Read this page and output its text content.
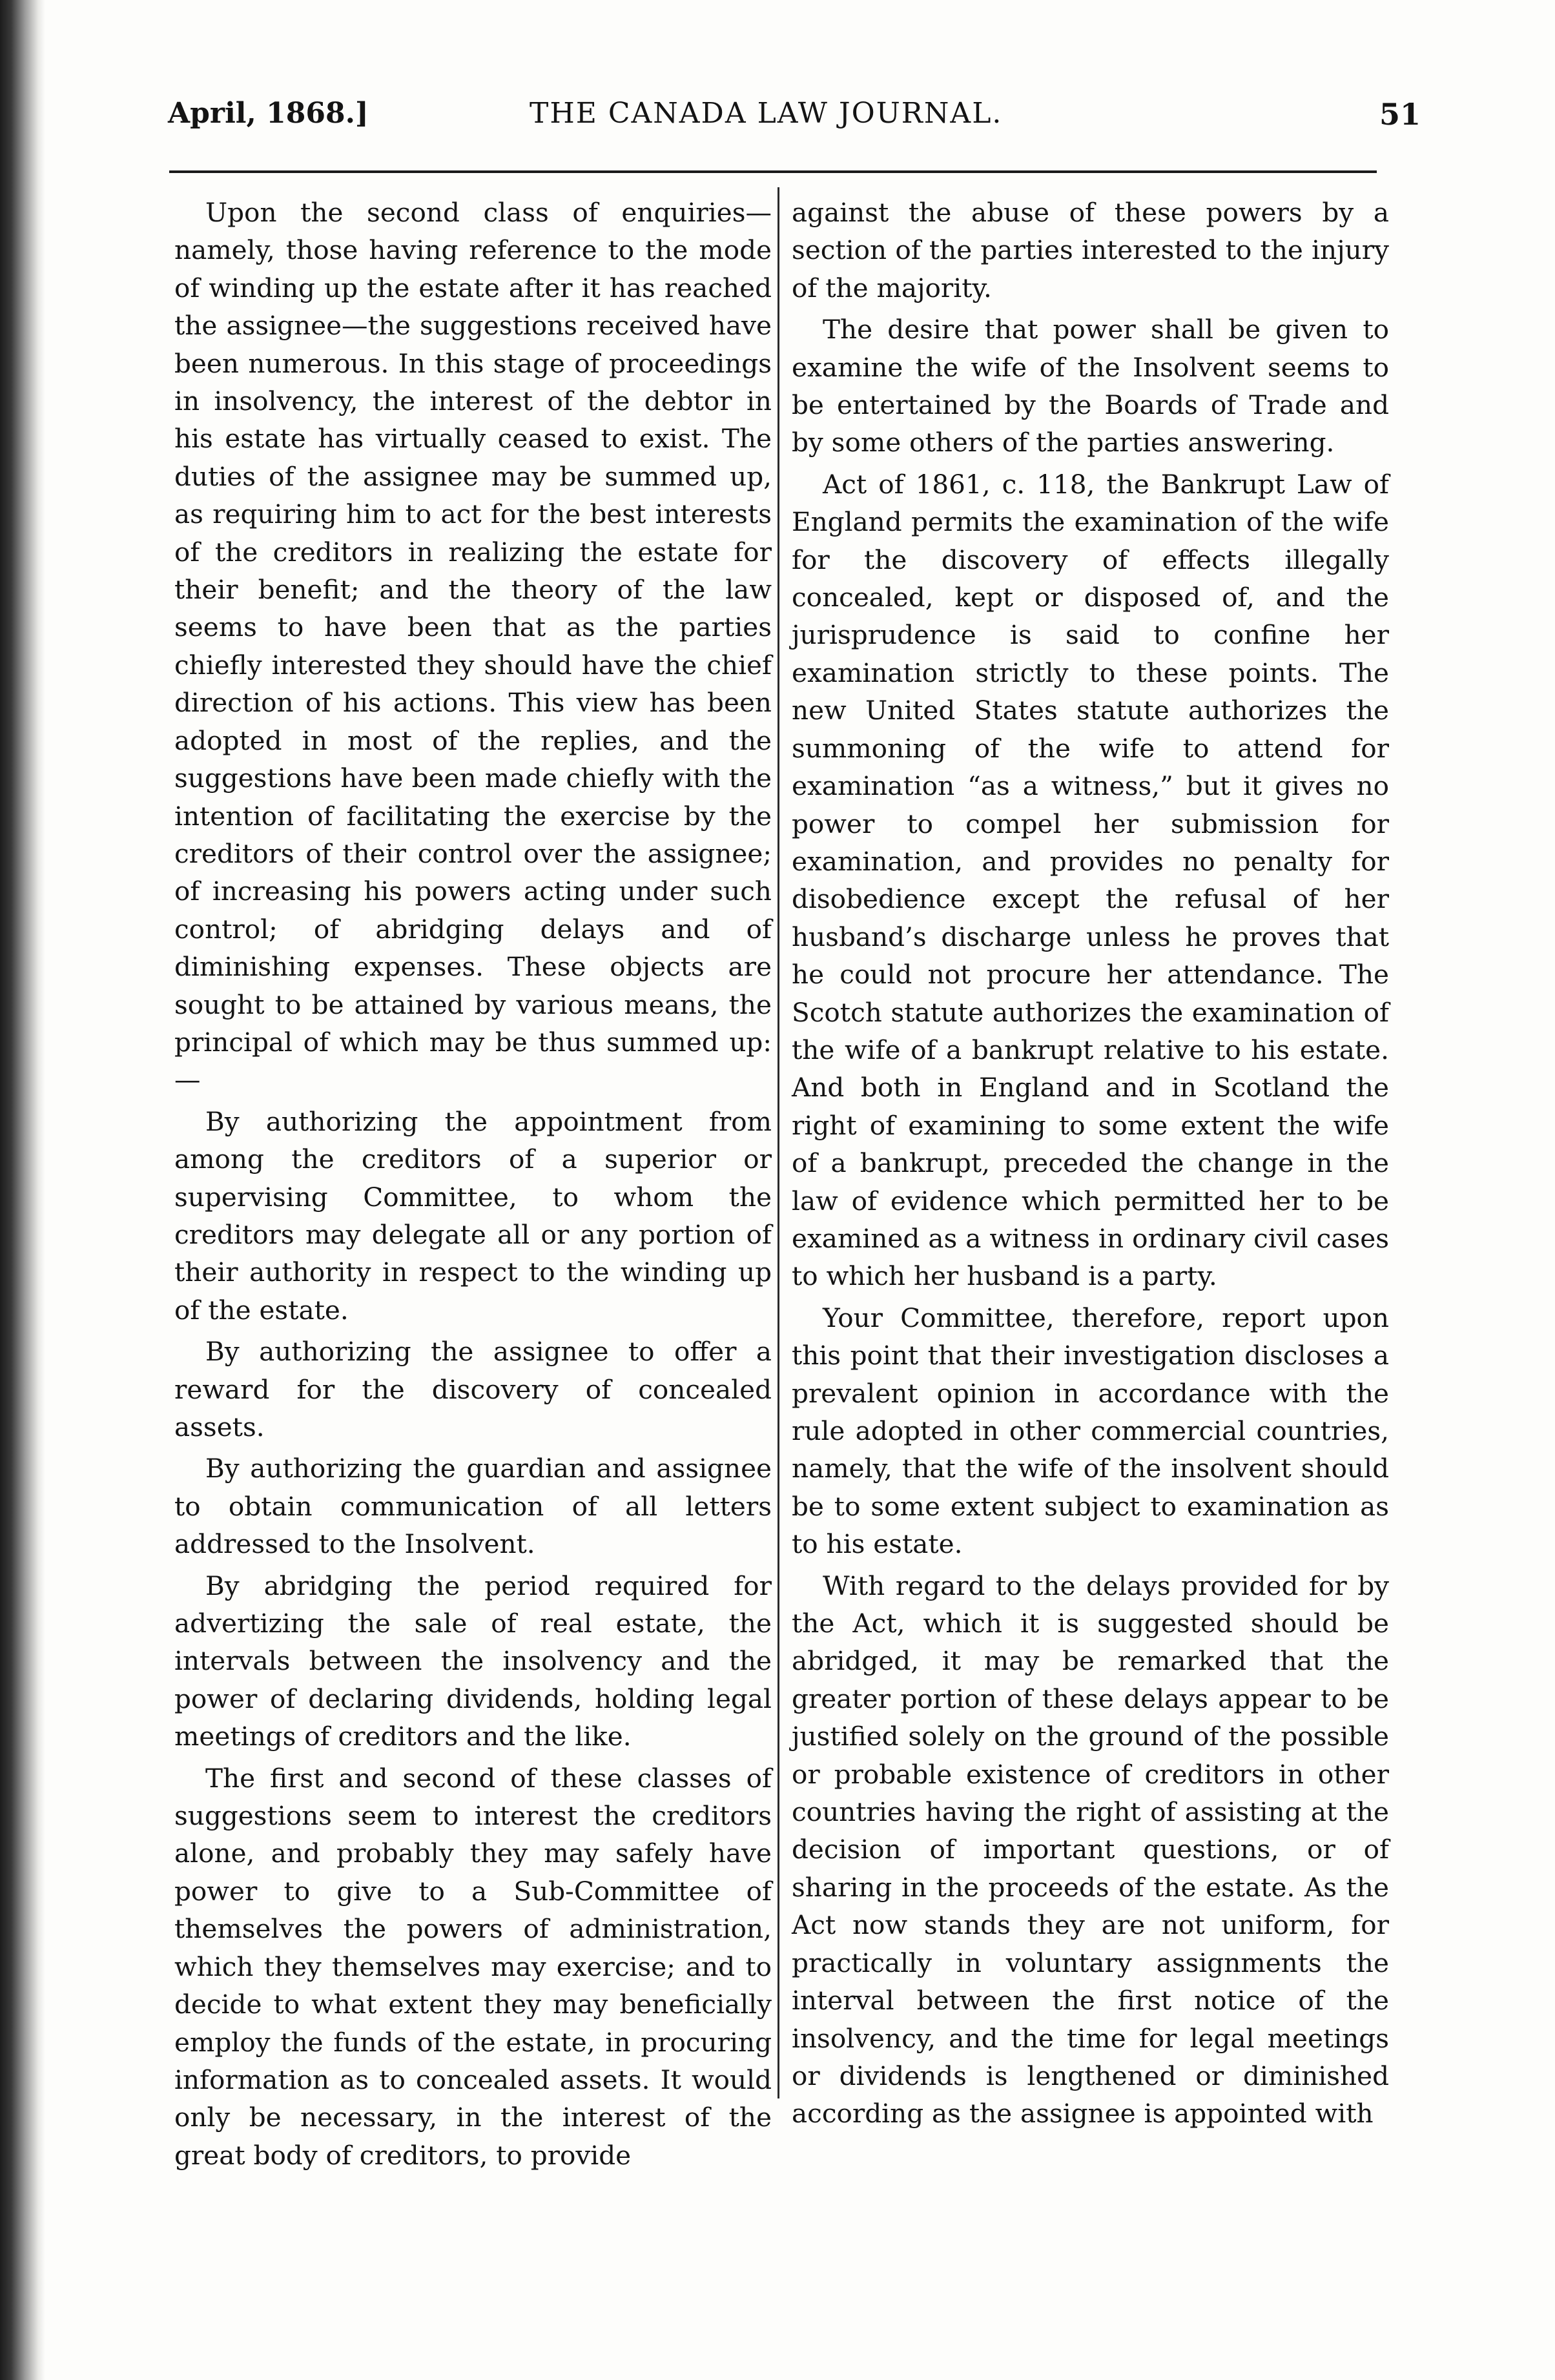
April, 1868.]	THE CANADA LAW JOURNAL.	51

Upon the second class of enquiries—namely, those having reference to the mode of winding up the estate after it has reached the assignee—the suggestions received have been numerous. In this stage of proceedings in insolvency, the interest of the debtor in his estate has virtually ceased to exist. The duties of the assignee may be summed up, as requiring him to act for the best interests of the creditors in realizing the estate for their benefit; and the theory of the law seems to have been that as the parties chiefly interested they should have the chief direction of his actions. This view has been adopted in most of the replies, and the suggestions have been made chiefly with the intention of facilitating the exercise by the creditors of their control over the assignee; of increasing his powers acting under such control; of abridging delays and of diminishing expenses. These objects are sought to be attained by various means, the principal of which may be thus summed up:—

By authorizing the appointment from among the creditors of a superior or supervising Committee, to whom the creditors may delegate all or any portion of their authority in respect to the winding up of the estate.

By authorizing the assignee to offer a reward for the discovery of concealed assets.

By authorizing the guardian and assignee to obtain communication of all letters addressed to the Insolvent.

By abridging the period required for advertizing the sale of real estate, the intervals between the insolvency and the power of declaring dividends, holding legal meetings of creditors and the like.

The first and second of these classes of suggestions seem to interest the creditors alone, and probably they may safely have power to give to a Sub-Committee of themselves the powers of administration, which they themselves may exercise; and to decide to what extent they may beneficially employ the funds of the estate, in procuring information as to concealed assets. It would only be necessary, in the interest of the great body of creditors, to provide

against the abuse of these powers by a section of the parties interested to the injury of the majority.

The desire that power shall be given to examine the wife of the Insolvent seems to be entertained by the Boards of Trade and by some others of the parties answering.

Act of 1861, c. 118, the Bankrupt Law of England permits the examination of the wife for the discovery of effects illegally concealed, kept or disposed of, and the jurisprudence is said to confine her examination strictly to these points. The new United States statute authorizes the summoning of the wife to attend for examination “as a witness,” but it gives no power to compel her submission for examination, and provides no penalty for disobedience except the refusal of her husband’s discharge unless he proves that he could not procure her attendance. The Scotch statute authorizes the examination of the wife of a bankrupt relative to his estate. And both in England and in Scotland the right of examining to some extent the wife of a bankrupt, preceded the change in the law of evidence which permitted her to be examined as a witness in ordinary civil cases to which her husband is a party.

Your Committee, therefore, report upon this point that their investigation discloses a prevalent opinion in accordance with the rule adopted in other commercial countries, namely, that the wife of the insolvent should be to some extent subject to examination as to his estate.

With regard to the delays provided for by the Act, which it is suggested should be abridged, it may be remarked that the greater portion of these delays appear to be justified solely on the ground of the possible or probable existence of creditors in other countries having the right of assisting at the decision of important questions, or of sharing in the proceeds of the estate. As the Act now stands they are not uniform, for practically in voluntary assignments the interval between the first notice of the insolvency, and the time for legal meetings or dividends is lengthened or diminished according as the assignee is appointed with
